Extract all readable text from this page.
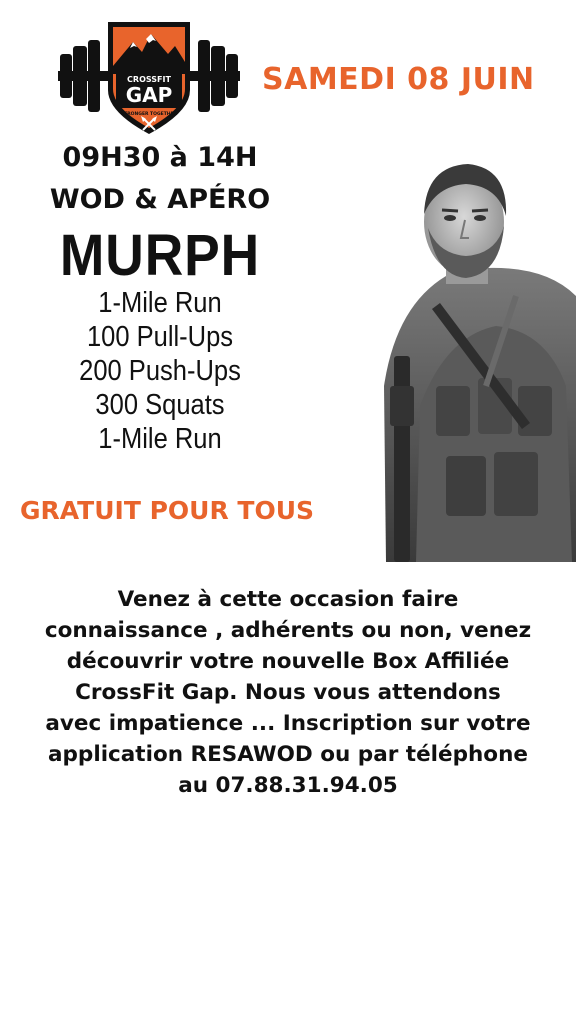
CROSSFIT
GAP
STRONGER TOGETHER
SAMEDI 08 JUIN
09H30 à 14H
WOD & APÉRO
MURPH
1-Mile Run
100 Pull-Ups
200 Push-Ups
300 Squats
1-Mile Run
GRATUIT POUR TOUS
Venez à cette occasion faire
connaissance , adhérents ou non, venez
découvrir votre nouvelle Box Affiliée
CrossFit Gap. Nous vous attendons
avec impatience ... Inscription sur votre
application RESAWOD ou par téléphone
au 07.88.31.94.05
